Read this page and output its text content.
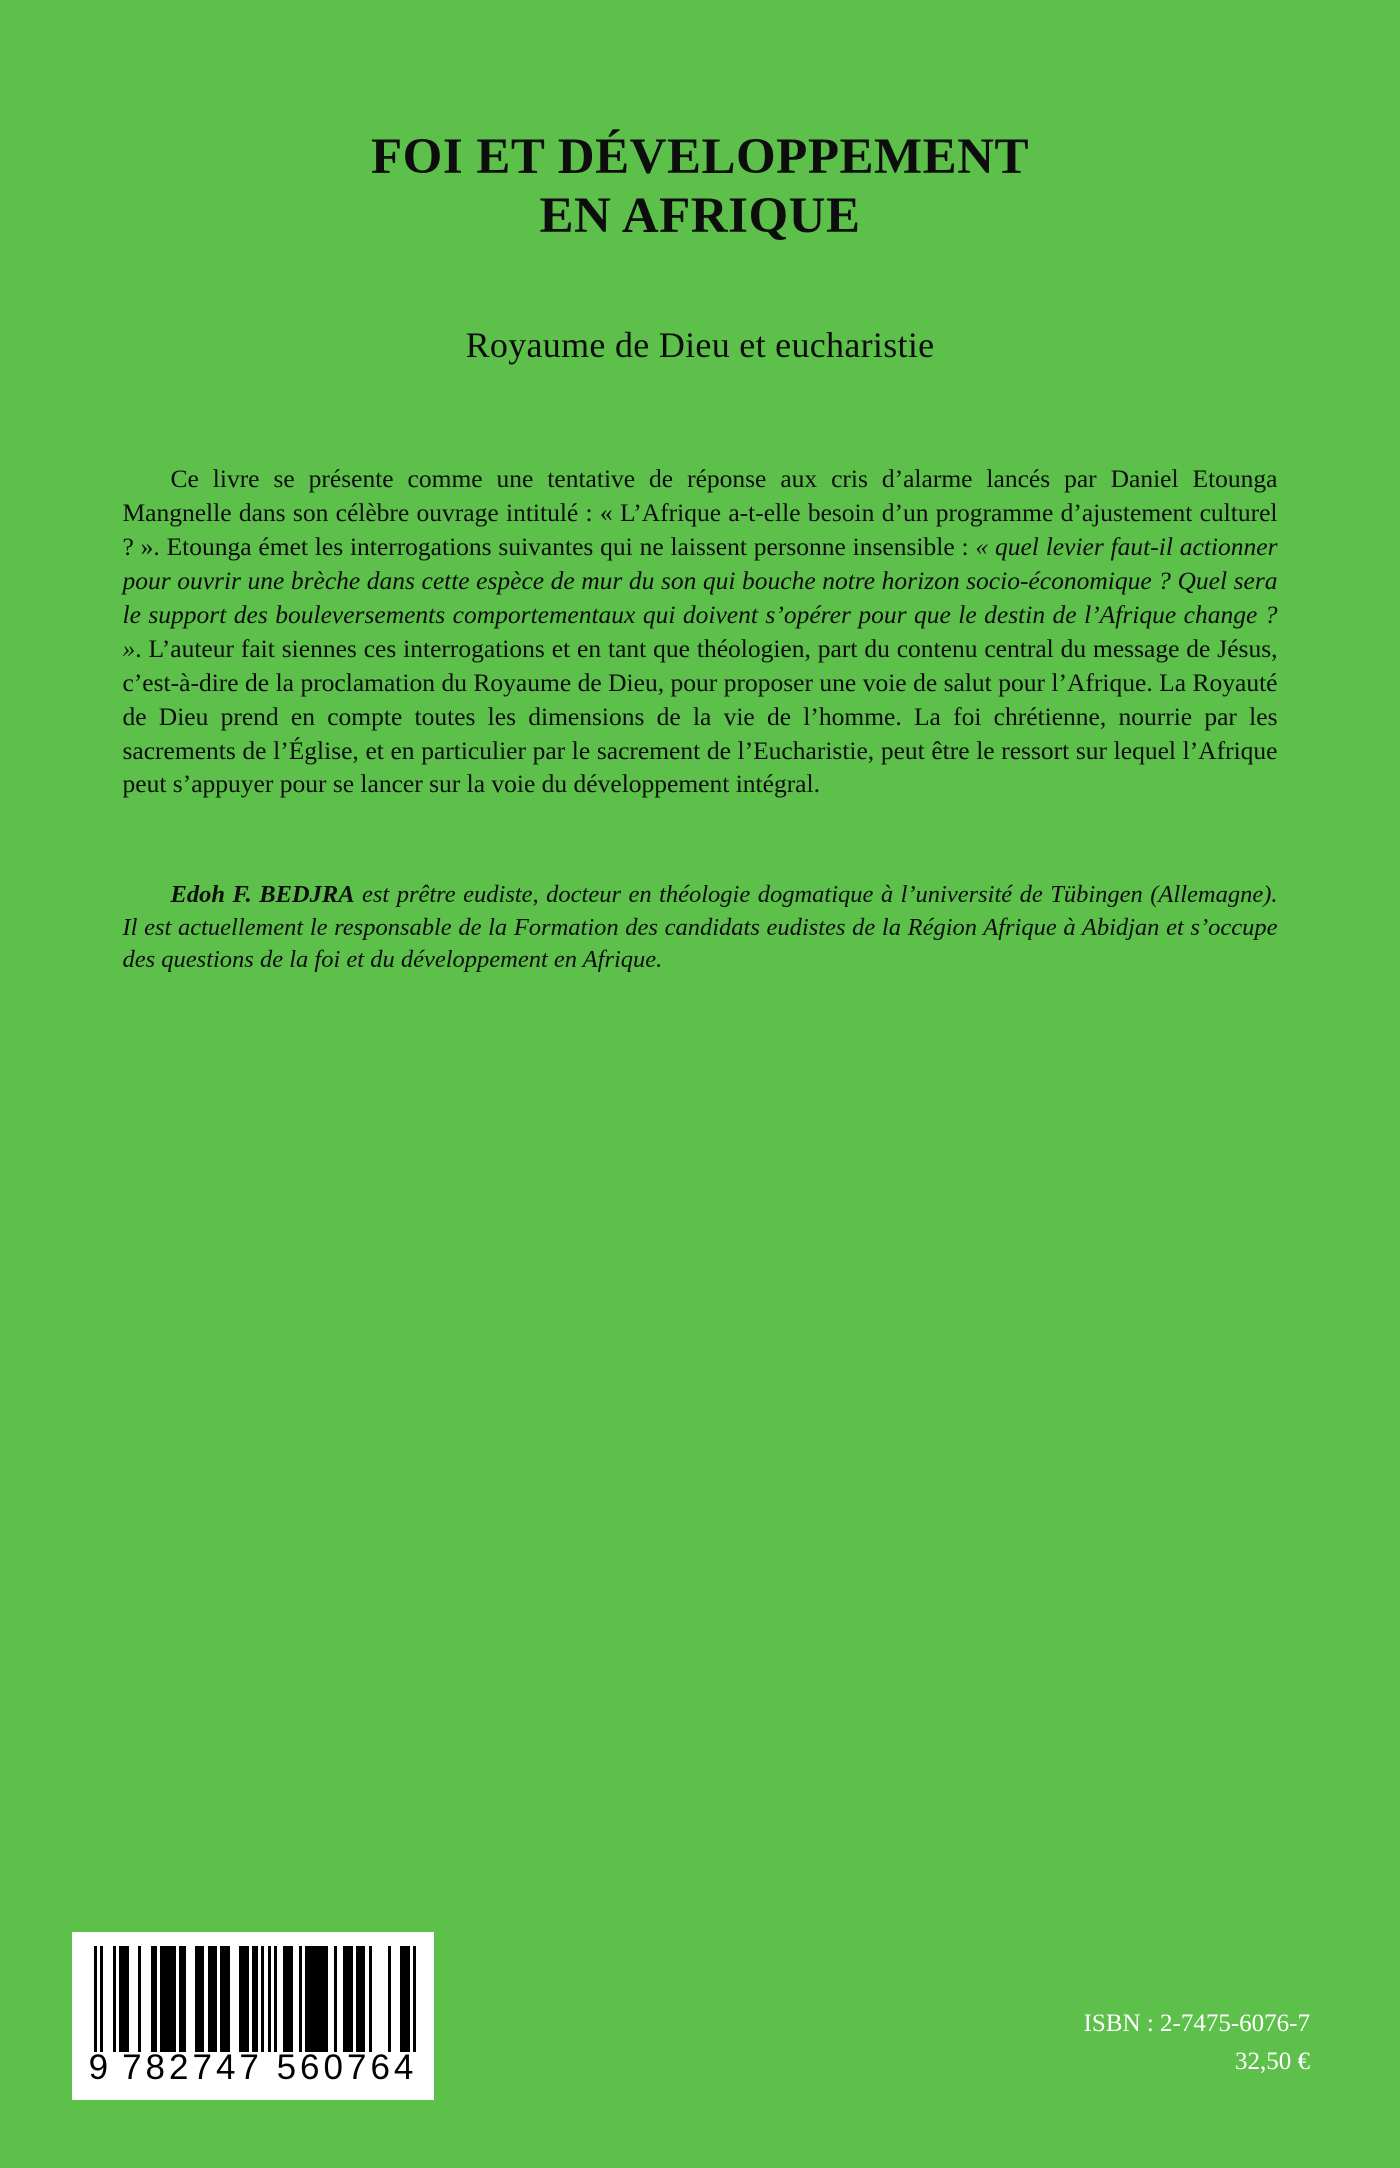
FOI ET DÉVELOPPEMENT
EN AFRIQUE
Royaume de Dieu et eucharistie

Ce livre se présente comme une tentative de réponse aux cris d’alarme lancés par Daniel Etounga Mangnelle dans son célèbre ouvrage intitulé : « L’Afrique a-t-elle besoin d’un programme d’ajustement culturel ? ». Etounga émet les interrogations suivantes qui ne laissent personne insensible : « quel levier faut-il actionner pour ouvrir une brèche dans cette espèce de mur du son qui bouche notre horizon socio-économique ? Quel sera le support des bouleversements comportementaux qui doivent s’opérer pour que le destin de l’Afrique change ? ». L’auteur fait siennes ces interrogations et en tant que théologien, part du contenu central du message de Jésus, c’est-à-dire de la proclamation du Royaume de Dieu, pour proposer une voie de salut pour l’Afrique. La Royauté de Dieu prend en compte toutes les dimensions de la vie de l’homme. La foi chrétienne, nourrie par les sacrements de l’Église, et en particulier par le sacrement de l’Eucharistie, peut être le ressort sur lequel l’Afrique peut s’appuyer pour se lancer sur la voie du développement intégral.

Edoh F. BEDJRA est prêtre eudiste, docteur en théologie dogmatique à l’université de Tübingen (Allemagne). Il est actuellement le responsable de la Formation des candidats eudistes de la Région Afrique à Abidjan et s’occupe des questions de la foi et du développement en Afrique.

9 782747 560764
ISBN : 2-7475-6076-7
32,50 €
